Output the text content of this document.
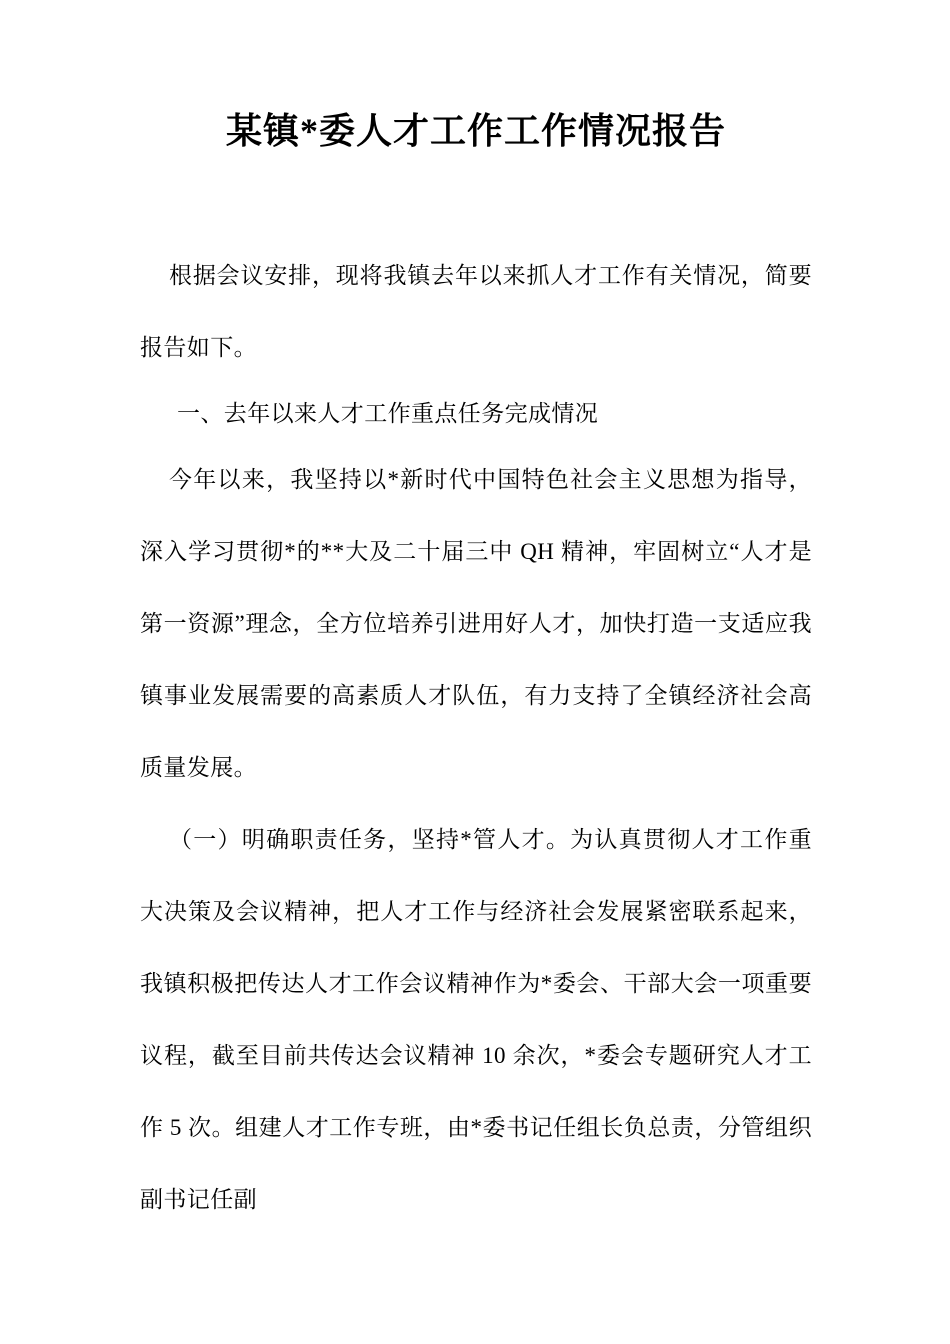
某镇*委人才工作工作情况报告

根据会议安排，现将我镇去年以来抓人才工作有关情况，简要报告如下。

一、去年以来人才工作重点任务完成情况

今年以来，我坚持以*新时代中国特色社会主义思想为指导，深入学习贯彻*的**大及二十届三中 QH 精神，牢固树立“人才是第一资源”理念，全方位培养引进用好人才，加快打造一支适应我镇事业发展需要的高素质人才队伍，有力支持了全镇经济社会高质量发展。

（一）明确职责任务，坚持*管人才。为认真贯彻人才工作重大决策及会议精神，把人才工作与经济社会发展紧密联系起来，我镇积极把传达人才工作会议精神作为*委会、干部大会一项重要议程，截至目前共传达会议精神 10 余次，*委会专题研究人才工作 5 次。组建人才工作专班，由*委书记任组长负总责，分管组织副书记任副
